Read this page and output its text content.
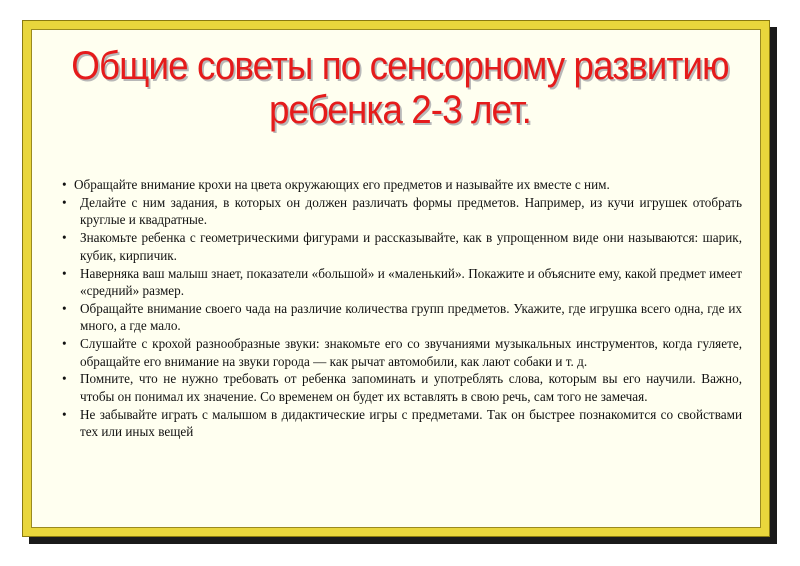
Общие советы по сенсорному развитию
ребенка 2-3 лет.
• Обращайте внимание крохи на цвета окружающих его предметов и называйте их вместе с ним.
• Делайте с ним задания, в которых он должен различать формы предметов. Например, из кучи игрушек отобрать круглые и квадратные.
• Знакомьте ребенка с геометрическими фигурами и рассказывайте, как в упрощенном виде они называются: шарик, кубик, кирпичик.
• Наверняка ваш малыш знает, показатели «большой» и «маленький». Покажите и объясните ему, какой предмет имеет «средний» размер.
• Обращайте внимание своего чада на различие количества групп предметов. Укажите, где игрушка всего одна, где их много, а где мало.
• Слушайте с крохой разнообразные звуки: знакомьте его со звучаниями музыкальных инструментов, когда гуляете, обращайте его внимание на звуки города — как рычат автомобили, как лают собаки и т. д.
• Помните, что не нужно требовать от ребенка запоминать и употреблять слова, которым вы его научили. Важно, чтобы он понимал их значение. Со временем он будет их вставлять в свою речь, сам того не замечая.
• Не забывайте играть с малышом в дидактические игры с предметами. Так он быстрее познакомится со свойствами тех или иных вещей
